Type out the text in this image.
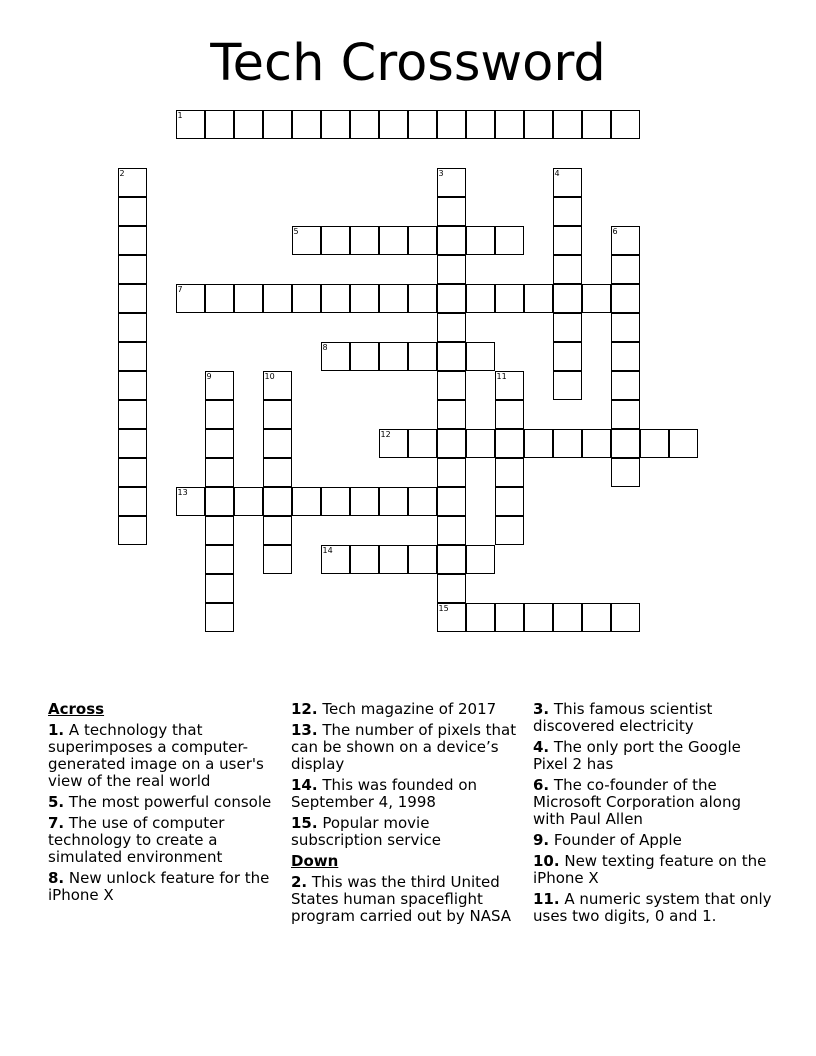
Tech Crossword
1
2	3
15
4
5	6
7
8
9	10	11
12
13
14
Across

1. A technology that superimposes a computer-generated image on a user's view of the real world

5. The most powerful console

7. The use of computer technology to create a simulated environment

8. New unlock feature for the iPhone X

12. Tech magazine of 2017

13. The number of pixels that can be shown on a device’s display

14. This was founded on September 4, 1998

15. Popular movie subscription service

Down

2. This was the third United States human spaceflight program carried out by NASA

3. This famous scientist discovered electricity

4. The only port the Google Pixel 2 has

6. The co-founder of the Microsoft Corporation along with Paul Allen

9. Founder of Apple

10. New texting feature on the iPhone X

11. A numeric system that only uses two digits, 0 and 1.
